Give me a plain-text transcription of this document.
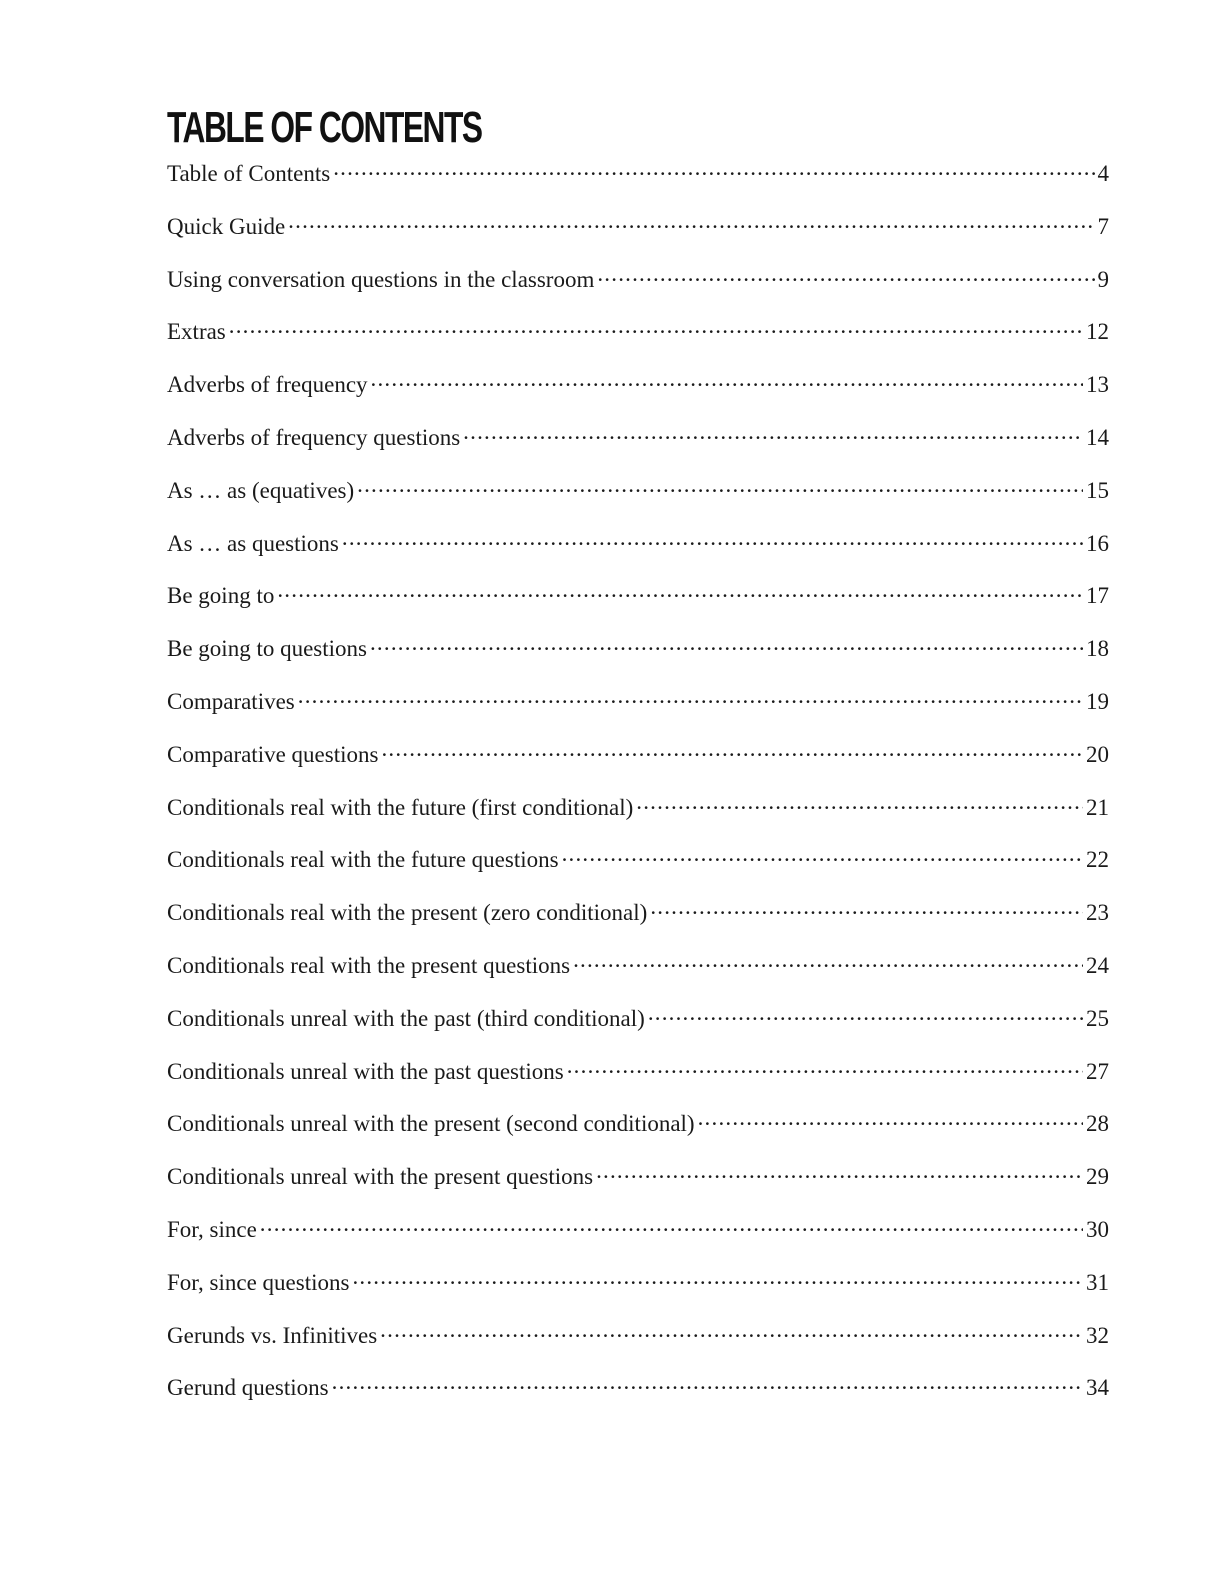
TABLE OF CONTENTS
Table of Contents .....	4
Quick Guide .....	7
Using conversation questions in the classroom .....	9
Extras .....	12
Adverbs of frequency .....	13
Adverbs of frequency questions .....	14
As … as (equatives) .....	15
As … as questions .....	16
Be going to .....	17
Be going to questions .....	18
Comparatives .....	19
Comparative questions .....	20
Conditionals real with the future (first conditional) .....	21
Conditionals real with the future questions .....	22
Conditionals real with the present (zero conditional) .....	23
Conditionals real with the present questions .....	24
Conditionals unreal with the past (third conditional) .....	25
Conditionals unreal with the past questions .....	27
Conditionals unreal with the present (second conditional) .....	28
Conditionals unreal with the present questions .....	29
For, since .....	30
For, since questions .....	31
Gerunds vs. Infinitives .....	32
Gerund questions .....	34
